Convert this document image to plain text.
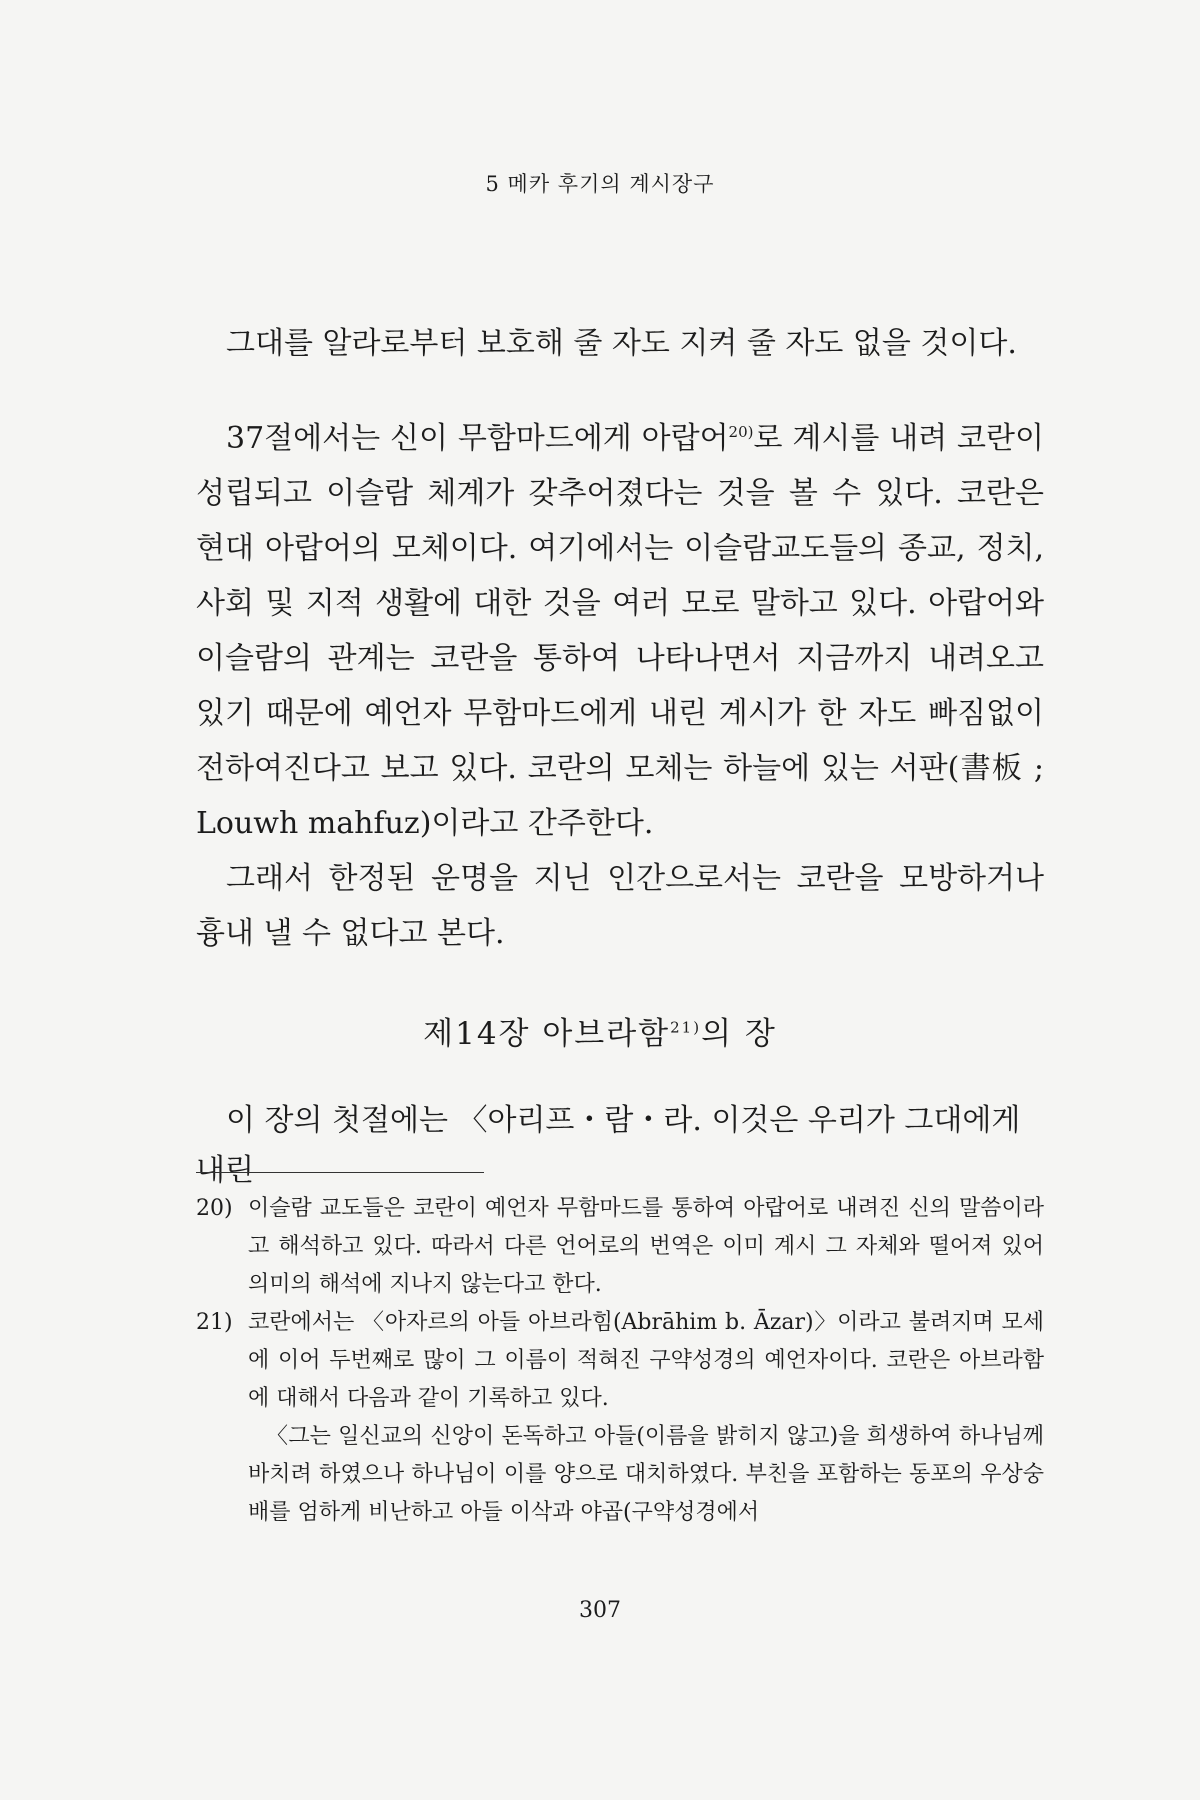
5 메카 후기의 계시장구

그대를 알라로부터 보호해 줄 자도 지켜 줄 자도 없을 것이다.

37절에서는 신이 무함마드에게 아랍어$^{20)}$로 계시를 내려 코란이 성립되고 이슬람 체계가 갖추어졌다는 것을 볼 수 있다. 코란은 현대 아랍어의 모체이다. 여기에서는 이슬람교도들의 종교, 정치, 사회 및 지적 생활에 대한 것을 여러 모로 말하고 있다. 아랍어와 이슬람의 관계는 코란을 통하여 나타나면서 지금까지 내려오고 있기 때문에 예언자 무함마드에게 내린 계시가 한 자도 빠짐없이 전하여진다고 보고 있다. 코란의 모체는 하늘에 있는 서판(書板 ; Louwh mahfuz)이라고 간주한다.

그래서 한정된 운명을 지닌 인간으로서는 코란을 모방하거나 흉내 낼 수 없다고 본다.

제14장 아브라함$^{21)}$의 장

이 장의 첫절에는 〈아리프・람・라. 이것은 우리가 그대에게 내린

20) 이슬람 교도들은 코란이 예언자 무함마드를 통하여 아랍어로 내려진 신의 말씀이라고 해석하고 있다. 따라서 다른 언어로의 번역은 이미 계시 그 자체와 떨어져 있어 의미의 해석에 지나지 않는다고 한다.

21) 코란에서는 〈아자르의 아들 아브라힘(Abrāhim b. Āzar)〉이라고 불려지며 모세에 이어 두번째로 많이 그 이름이 적혀진 구약성경의 예언자이다. 코란은 아브라함에 대해서 다음과 같이 기록하고 있다.

〈그는 일신교의 신앙이 돈독하고 아들(이름을 밝히지 않고)을 희생하여 하나님께 바치려 하였으나 하나님이 이를 양으로 대치하였다. 부친을 포함하는 동포의 우상숭배를 엄하게 비난하고 아들 이삭과 야곱(구약성경에서

307
